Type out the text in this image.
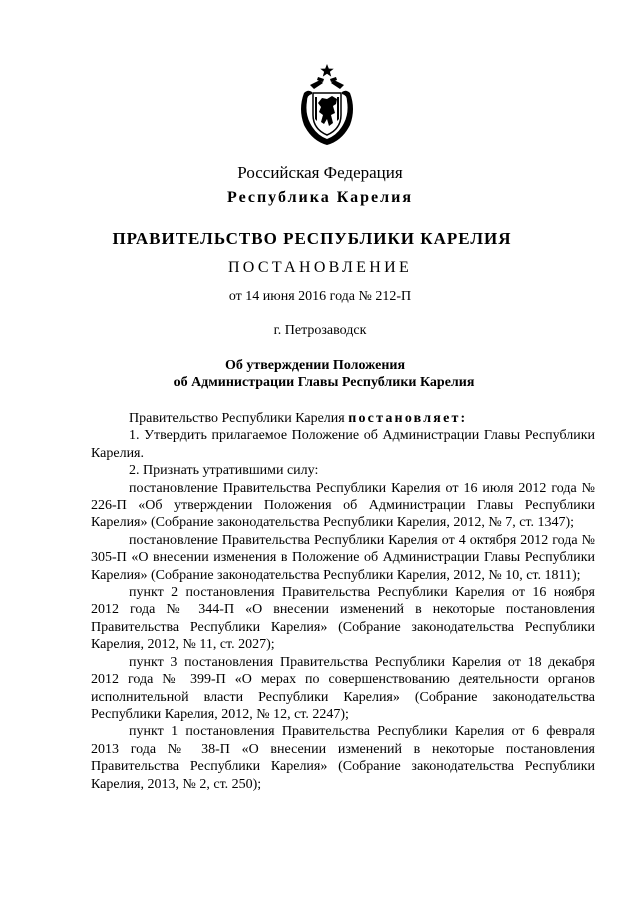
Российская Федерация
Республика Карелия
ПРАВИТЕЛЬСТВО РЕСПУБЛИКИ КАРЕЛИЯ
ПОСТАНОВЛЕНИЕ
от 14 июня 2016 года № 212-П
г. Петрозаводск
Об утверждении Положения
об Администрации Главы Республики Карелия

Правительство Республики Карелия постановляет:

1. Утвердить прилагаемое Положение об Администрации Главы Республики Карелия.

2. Признать утратившими силу:

постановление Правительства Республики Карелия от 16 июля 2012 года № 226-П «Об утверждении Положения об Администрации Главы Республики Карелия» (Собрание законодательства Республики Карелия, 2012, № 7, ст. 1347);

постановление Правительства Республики Карелия от 4 октября 2012 года № 305-П «О внесении изменения в Положение об Администрации Главы Республики Карелия» (Собрание законодательства Республики Карелия, 2012, № 10, ст. 1811);

пункт 2 постановления Правительства Республики Карелия от 16 ноября 2012 года № 344-П «О внесении изменений в некоторые постановления Правительства Республики Карелия» (Собрание законодательства Республики Карелия, 2012, № 11, ст. 2027);

пункт 3 постановления Правительства Республики Карелия от 18 декабря 2012 года № 399-П «О мерах по совершенствованию деятельности органов исполнительной власти Республики Карелия» (Собрание законодательства Республики Карелия, 2012, № 12, ст. 2247);

пункт 1 постановления Правительства Республики Карелия от 6 февраля 2013 года № 38-П «О внесении изменений в некоторые постановления Правительства Республики Карелия» (Собрание законодательства Республики Карелия, 2013, № 2, ст. 250);
